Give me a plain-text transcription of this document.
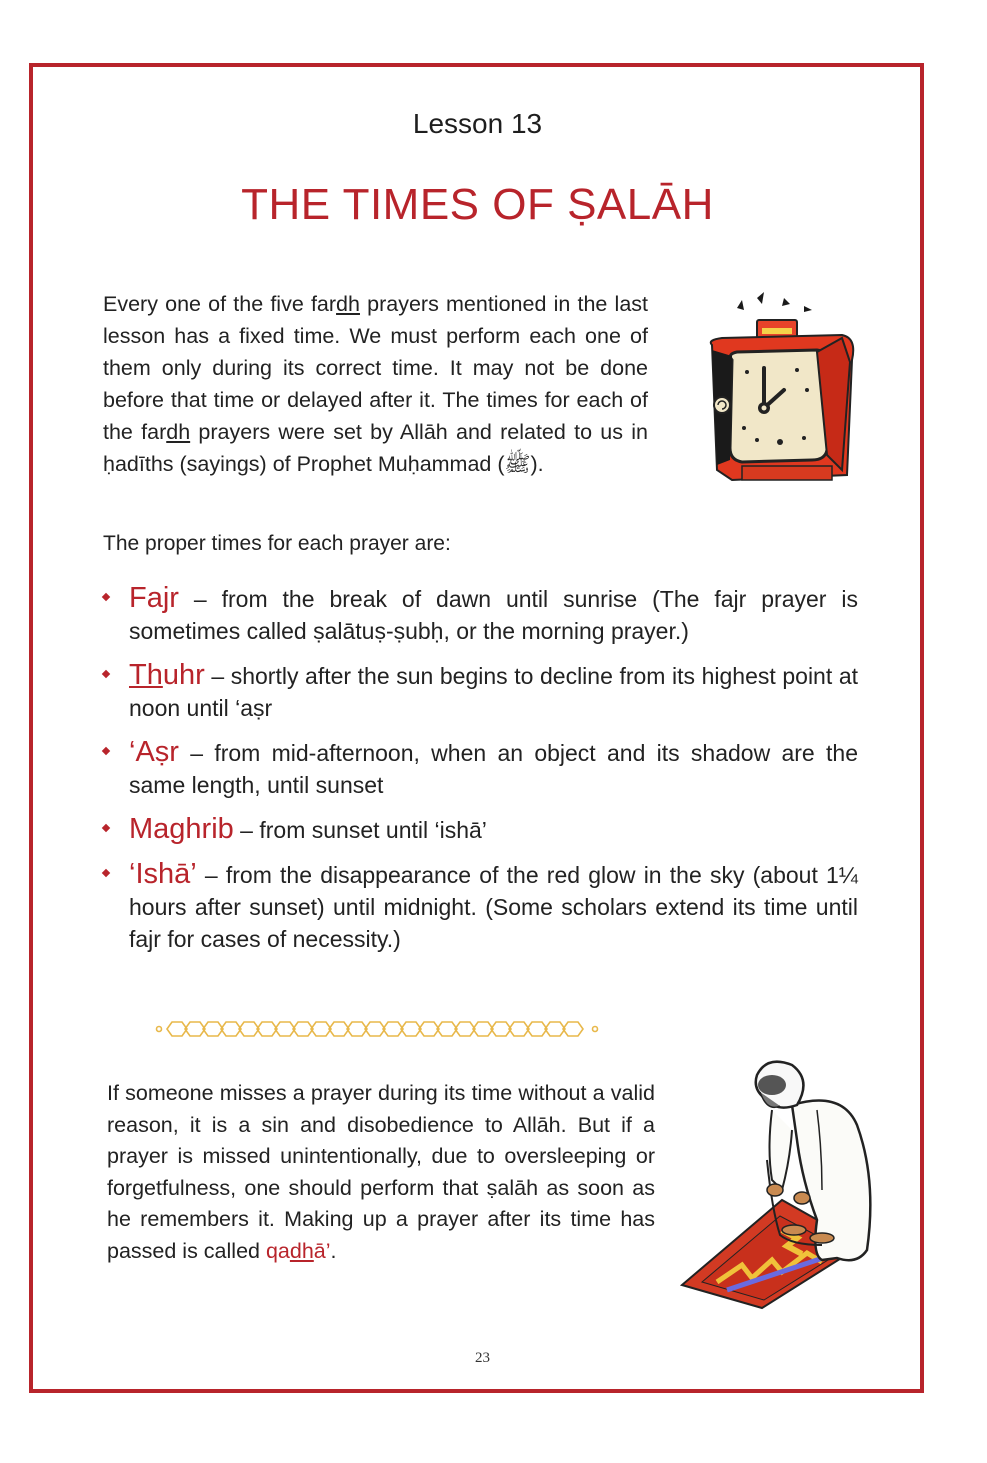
Lesson 13
THE TIMES OF ṢALĀH
Every one of the five fardh prayers mentioned in the last lesson has a fixed time. We must perform each one of them only during its correct time. It may not be done before that time or delayed after it. The times for each of the fardh prayers were set by Allāh and related to us in ḥadīths (sayings) of Prophet Muḥammad (ﷺ).
The proper times for each prayer are:
Fajr – from the break of dawn until sunrise (The fajr prayer is sometimes called ṣalātuṣ-ṣubḥ, or the morning prayer.)
Thuhr – shortly after the sun begins to decline from its highest point at noon until ‘aṣr
‘Aṣr – from mid-afternoon, when an object and its shadow are the same length, until sunset
Maghrib – from sunset until ‘ishā’
‘Ishā’ – from the disappearance of the red glow in the sky (about 1¼ hours after sunset) until midnight. (Some scholars extend its time until fajr for cases of necessity.)
If someone misses a prayer during its time without a valid reason, it is a sin and disobedience to Allāh. But if a prayer is missed unintentionally, due to oversleeping or forgetfulness, one should perform that ṣalāh as soon as he remembers it. Making up a prayer after its time has passed is called qadhā’.
23
